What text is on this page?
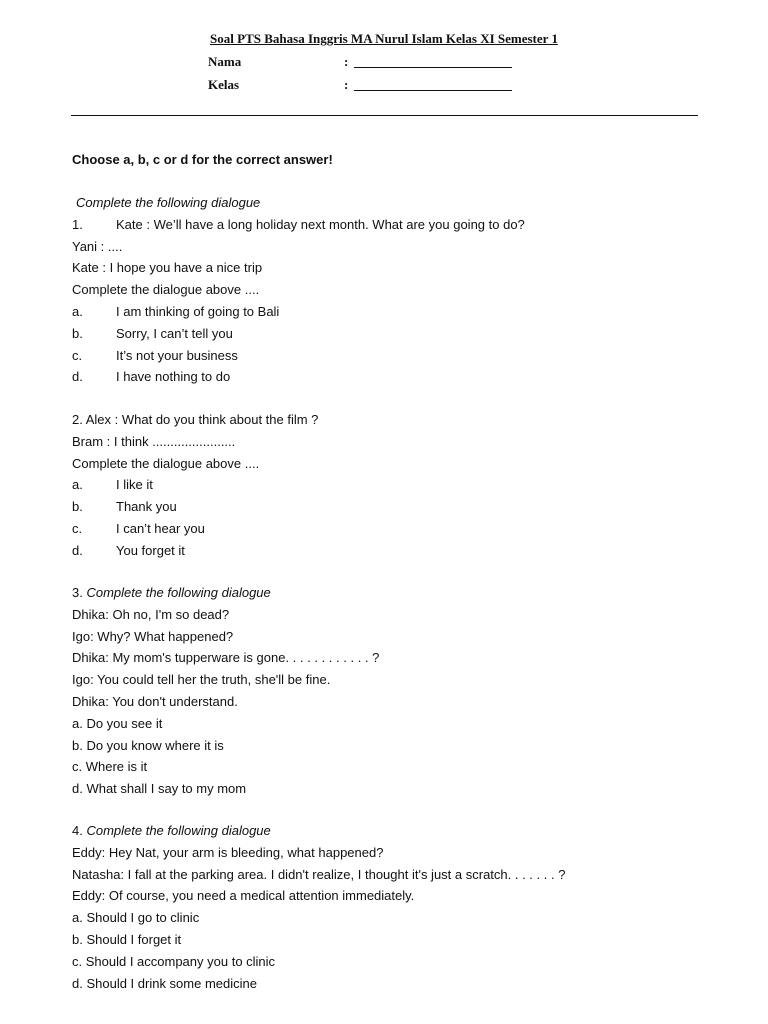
Soal PTS Bahasa Inggris MA Nurul Islam Kelas XI Semester 1
Nama	:
Kelas	:
Choose a, b, c or d for the correct answer!
Complete the following dialogue
1.	Kate : We’ll have a long holiday next month. What are you going to do?
Yani : ....
Kate : I hope you have a nice trip
Complete the dialogue above ....
a.	I am thinking of going to Bali
b.	Sorry, I can’t tell you
c.	It’s not your business
d.	I have nothing to do
2. Alex : What do you think about the film ?
Bram : I think .......................
Complete the dialogue above ....
a.	I like it
b.	Thank you
c.	I can’t hear you
d.	You forget it
3. Complete the following dialogue
Dhika: Oh no, I'm so dead?
Igo: Why? What happened?
Dhika: My mom's tupperware is gone. . . . . . . . . . . . ?
Igo: You could tell her the truth, she'll be fine.
Dhika: You don't understand.
a. Do you see it
b. Do you know where it is
c. Where is it
d. What shall I say to my mom
4. Complete the following dialogue
Eddy: Hey Nat, your arm is bleeding, what happened?
Natasha: I fall at the parking area. I didn't realize, I thought it's just a scratch. . . . . . . ?
Eddy: Of course, you need a medical attention immediately.
a. Should I go to clinic
b. Should I forget it
c. Should I accompany you to clinic
d. Should I drink some medicine
